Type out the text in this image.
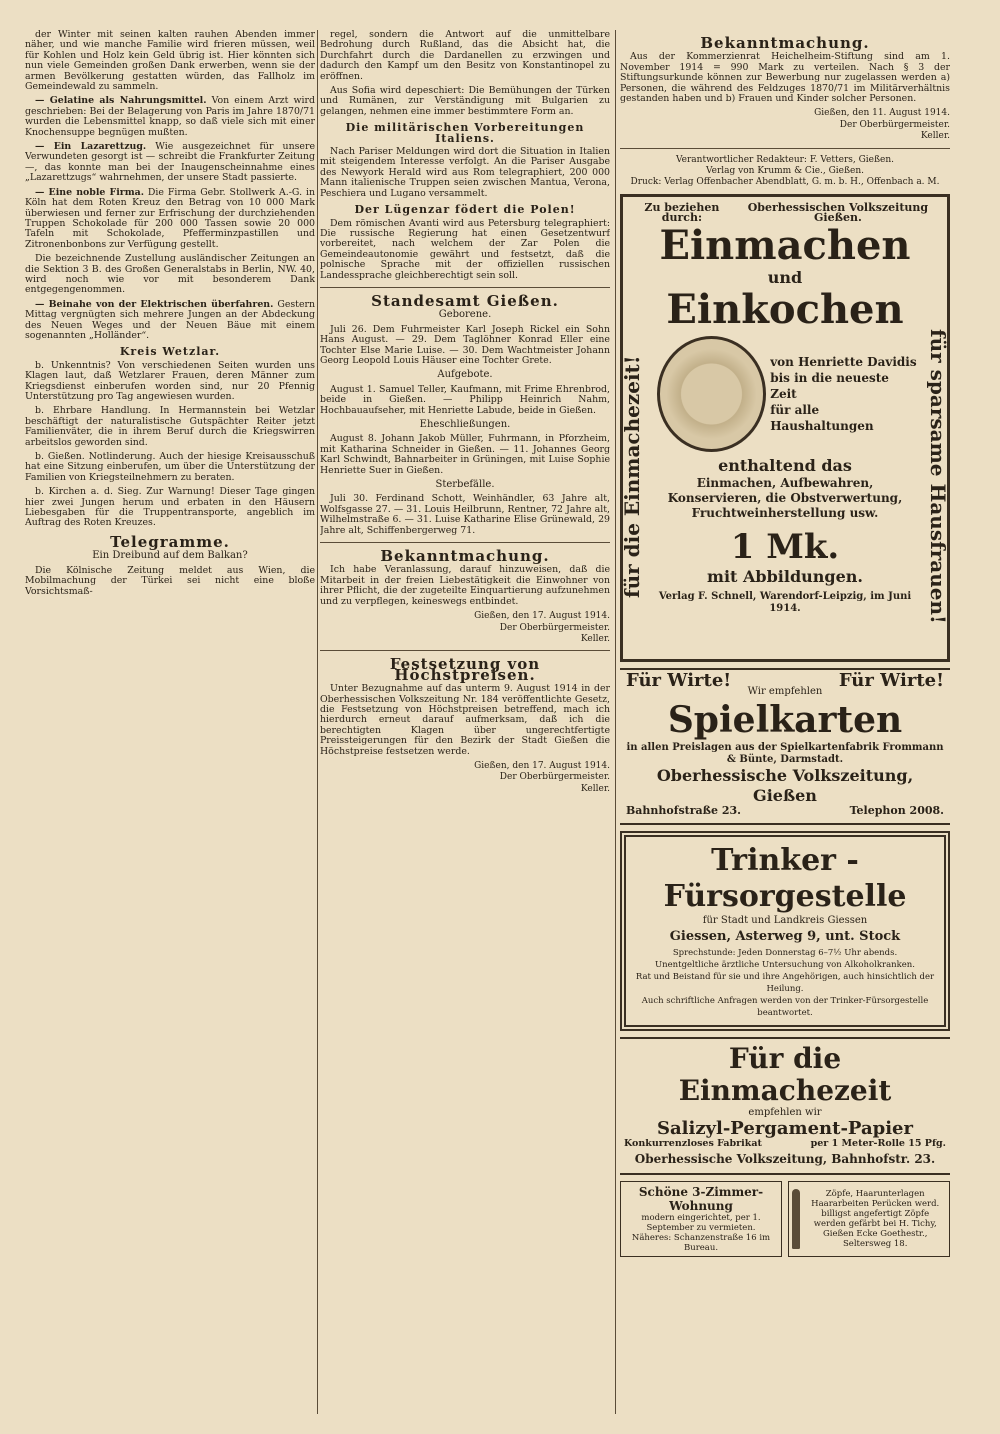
der Winter mit seinen kalten rauhen Abenden immer näher, und wie manche Familie wird frieren müssen, weil für Kohlen und Holz kein Geld übrig ist. Hier könnten sich nun viele Gemeinden großen Dank erwerben, wenn sie der armen Bevölkerung gestatten würden, das Fallholz im Gemeindewald zu sammeln.

— Gelatine als Nahrungsmittel. Von einem Arzt wird geschrieben: Bei der Belagerung von Paris im Jahre 1870/71 wurden die Lebensmittel knapp, so daß viele sich mit einer Knochensuppe begnügen mußten.

— Ein Lazarettzug. Wie ausgezeichnet für unsere Verwundeten gesorgt ist — schreibt die Frankfurter Zeitung —, das konnte man bei der Inaugenscheinnahme eines „Lazarettzugs“ wahrnehmen, der unsere Stadt passierte.

— Eine noble Firma. Die Firma Gebr. Stollwerk A.-G. in Köln hat dem Roten Kreuz den Betrag von 10 000 Mark überwiesen und ferner zur Erfrischung der durchziehenden Truppen Schokolade für 200 000 Tassen sowie 20 000 Tafeln mit Schokolade, Pfefferminzpastillen und Zitronenbonbons zur Verfügung gestellt.

Die bezeichnende Zustellung ausländischer Zeitungen an die Sektion 3 B. des Großen Generalstabs in Berlin, NW. 40, wird noch wie vor mit besonderem Dank entgegengenommen.

— Beinahe von der Elektrischen überfahren. Gestern Mittag vergnügten sich mehrere Jungen an der Abdeckung des Neuen Weges und der Neuen Bäue mit einem sogenannten „Holländer“.

Kreis Wetzlar.

b. Unkenntnis? Von verschiedenen Seiten wurden uns Klagen laut, daß Wetzlarer Frauen, deren Männer zum Kriegsdienst einberufen worden sind, nur 20 Pfennig Unterstützung pro Tag angewiesen wurden.

b. Ehrbare Handlung. In Hermannstein bei Wetzlar beschäftigt der naturalistische Gutspächter Reiter jetzt Familienväter, die in ihrem Beruf durch die Kriegswirren arbeitslos geworden sind.

b. Gießen. Notlinderung. Auch der hiesige Kreisausschuß hat eine Sitzung einberufen, um über die Unterstützung der Familien von Kriegsteilnehmern zu beraten.

b. Kirchen a. d. Sieg. Zur Warnung! Dieser Tage gingen hier zwei Jungen herum und erbaten in den Häusern Liebesgaben für die Truppentransporte, angeblich im Auftrag des Roten Kreuzes.

Telegramme.
Ein Dreibund auf dem Balkan?

Die Kölnische Zeitung meldet aus Wien, die Mobilmachung der Türkei sei nicht eine bloße Vorsichtsmaß-

regel, sondern die Antwort auf die unmittelbare Bedrohung durch Rußland, das die Absicht hat, die Durchfahrt durch die Dardanellen zu erzwingen und dadurch den Kampf um den Besitz von Konstantinopel zu eröffnen.

Aus Sofia wird depeschiert: Die Bemühungen der Türken und Rumänen, zur Verständigung mit Bulgarien zu gelangen, nehmen eine immer bestimmtere Form an.

Die militärischen Vorbereitungen Italiens.

Nach Pariser Meldungen wird dort die Situation in Italien mit steigendem Interesse verfolgt. An die Pariser Ausgabe des Newyork Herald wird aus Rom telegraphiert, 200 000 Mann italienische Truppen seien zwischen Mantua, Verona, Peschiera und Lugano versammelt.

Der Lügenzar födert die Polen!

Dem römischen Avanti wird aus Petersburg telegraphiert: Die russische Regierung hat einen Gesetzentwurf vorbereitet, nach welchem der Zar Polen die Gemeindeautonomie gewährt und festsetzt, daß die polnische Sprache mit der offiziellen russischen Landessprache gleichberechtigt sein soll.

Standesamt Gießen.
Geborene.

Juli 26. Dem Fuhrmeister Karl Joseph Rickel ein Sohn Hans August. — 29. Dem Taglöhner Konrad Eller eine Tochter Else Marie Luise. — 30. Dem Wachtmeister Johann Georg Leopold Louis Häuser eine Tochter Grete.

Aufgebote.

August 1. Samuel Teller, Kaufmann, mit Frime Ehrenbrod, beide in Gießen. — Philipp Heinrich Nahm, Hochbauaufseher, mit Henriette Labude, beide in Gießen.

Eheschließungen.

August 8. Johann Jakob Müller, Fuhrmann, in Pforzheim, mit Katharina Schneider in Gießen. — 11. Johannes Georg Karl Schwindt, Bahnarbeiter in Grüningen, mit Luise Sophie Henriette Suer in Gießen.

Sterbefälle.

Juli 30. Ferdinand Schott, Weinhändler, 63 Jahre alt, Wolfsgasse 27. — 31. Louis Heilbrunn, Rentner, 72 Jahre alt, Wilhelmstraße 6. — 31. Luise Katharine Elise Grünewald, 29 Jahre alt, Schiffenbergerweg 71.

Bekanntmachung.

Ich habe Veranlassung, darauf hinzuweisen, daß die Mitarbeit in der freien Liebestätigkeit die Einwohner von ihrer Pflicht, die der zugeteilte Einquartierung aufzunehmen und zu verpflegen, keineswegs entbindet.

Gießen, den 17. August 1914.
Der Oberbürgermeister.
Keller.
Festsetzung von Höchstpreisen.

Unter Bezugnahme auf das unterm 9. August 1914 in der Oberhessischen Volkszeitung Nr. 184 veröffentlichte Gesetz, die Festsetzung von Höchstpreisen betreffend, mach ich hierdurch erneut darauf aufmerksam, daß ich die berechtigten Klagen über ungerechtfertigte Preissteigerungen für den Bezirk der Stadt Gießen die Höchstpreise festsetzen werde.

Gießen, den 17. August 1914.
Der Oberbürgermeister.
Keller.
Bekanntmachung.

Aus der Kommerzienrat Heichelheim-Stiftung sind am 1. November 1914 = 990 Mark zu verteilen. Nach § 3 der Stiftungsurkunde können zur Bewerbung nur zugelassen werden a) Personen, die während des Feldzuges 1870/71 im Militärverhältnis gestanden haben und b) Frauen und Kinder solcher Personen.

Gießen, den 11. August 1914.
Der Oberbürgermeister.
Keller.
Verantwortlicher Redakteur: F. Vetters, Gießen.
Verlag von Krumm & Cie., Gießen.
Druck: Verlag Offenbacher Abendblatt, G. m. b. H., Offenbach a. M.
Zu beziehen durch:
Oberhessischen Volkszeitung Gießen.
für die Einmachezeit!	für sparsame Hausfrauen!
Einmachen
und
Einkochen
von Henriette Davidis
bis in die neueste Zeit
für alle Haushaltungen
enthaltend das
Einmachen, Aufbewahren, Konservieren, die Obstverwertung, Fruchtweinherstellung usw.
1 Mk.
mit Abbildungen.
Verlag F. Schnell, Warendorf-Leipzig, im Juni 1914.
Für Wirte!	Für Wirte!
Wir empfehlen
Spielkarten
in allen Preislagen aus der Spielkartenfabrik Frommann & Bünte, Darmstadt.
Oberhessische Volkszeitung, Gießen
Bahnhofstraße 23.	Telephon 2008.
Trinker - Fürsorgestelle
für Stadt und Landkreis Giessen
Giessen, Asterweg 9, unt. Stock
Sprechstunde: Jeden Donnerstag 6–7½ Uhr abends.
Unentgeltliche ärztliche Untersuchung von Alkoholkranken.
Rat und Beistand für sie und ihre Angehörigen, auch hinsichtlich der Heilung.
Auch schriftliche Anfragen werden von der Trinker-Fürsorgestelle beantwortet.
Für die Einmachezeit
empfehlen wir
Salizyl-Pergament-Papier
Konkurrenzloses Fabrikat	per 1 Meter-Rolle 15 Pfg.
Oberhessische Volkszeitung, Bahnhofstr. 23.
Schöne 3-Zimmer-Wohnung
modern eingerichtet, per 1. September zu vermieten.
Näheres: Schanzenstraße 16 im Bureau.
Zöpfe, Haarunterlagen Haararbeiten Perücken werd. billigst angefertigt Zöpfe werden gefärbt bei H. Tichy, Gießen Ecke Goethestr., Seltersweg 18.
